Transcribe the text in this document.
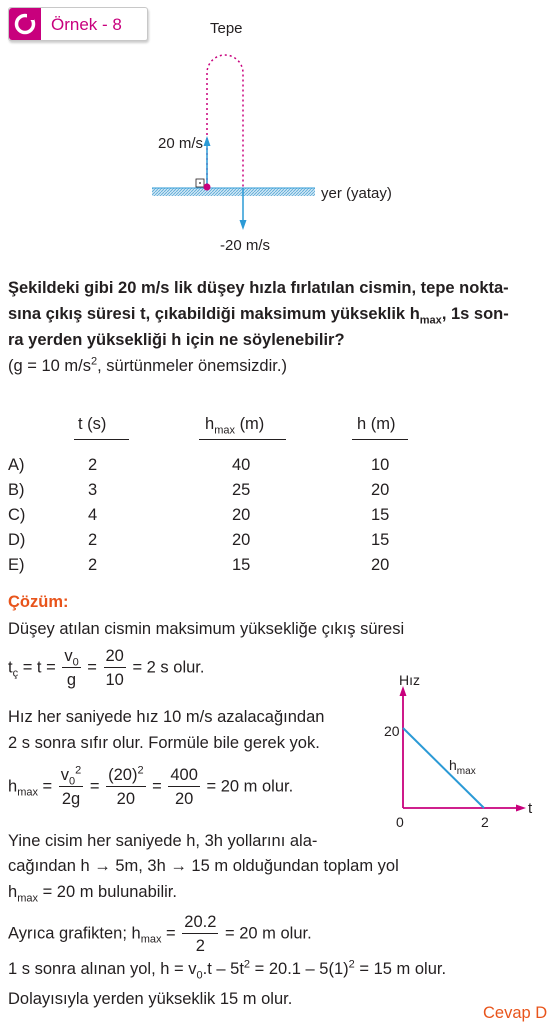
Örnek - 8	Tepe
20 m/s
yer (yatay)
-20 m/s
Şekildeki gibi 20 m/s lik düşey hızla fırlatılan cismin, tepe nokta-
sına çıkış süresi t, çıkabildiği maksimum yükseklik $h_{max}$, 1s son-
ra yerden yüksekliği h için ne söylenebilir?
(g = 10 $m/s^2$, sürtünmeler önemsizdir.)
t (s)	$h_{max}$ (m)	h (m)
A)	2	40	10
B)	3	25	20
C)	4	20	15
D)	2	20	15
E)	2	15	20
Çözüm:
Düşey atılan cismin maksimum yüksekliğe çıkış süresi
$t_ç = t = \frac{v_0}{g} = \frac{20}{10} = 2$ s olur.
Hız her saniyede hız 10 m/s azalacağından
2 s sonra sıfır olur. Formüle bile gerek yok.
$h_{max} = \frac{v_0^2}{2g} = \frac{(20)^2}{20} = \frac{400}{20} = 20$ m olur.
Yine cisim her saniyede h, 3h yollarını ala-
cağından h → 5m, 3h → 15 m olduğundan toplam yol
$h_{max} = 20$ m bulunabilir.
Ayrıca grafikten; $h_{max} = \frac{20.2}{2} = 20$ m olur.
1 s sonra alınan yol, $h = v_0.t - 5t^2 = 20.1 - 5(1)^2 = 15$ m olur.
Dolayısıyla yerden yükseklik 15 m olur.
Cevap D
Hız
20
$h_{max}$
t
0	2
